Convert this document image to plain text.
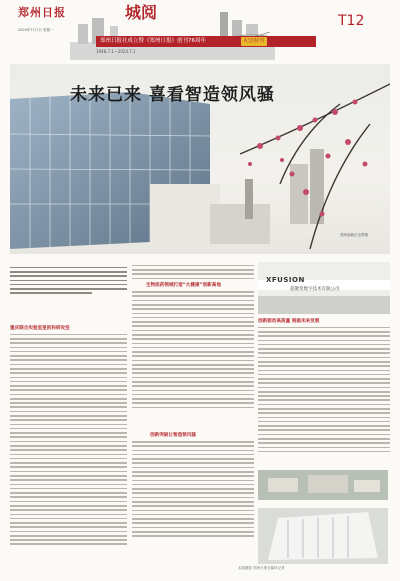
郑州日报
2024年7月1日 星期一
城阅
郑州日报社成立暨《郑州日报》创刊76周年	纪念特刊
1948.7.1—2024.7.1
T12
未来已来 喜看智造领风骚
郑州高新区全景图
重庆联合实验室里的科研攻坚
生物医药领域打造“大健康”创新高地
创新突破让智造领风骚
XFUSION
超聚变数字技术有限公司
创新驱动高质量 刻画未来发展
本版摄影 郑州日报全媒体记者
